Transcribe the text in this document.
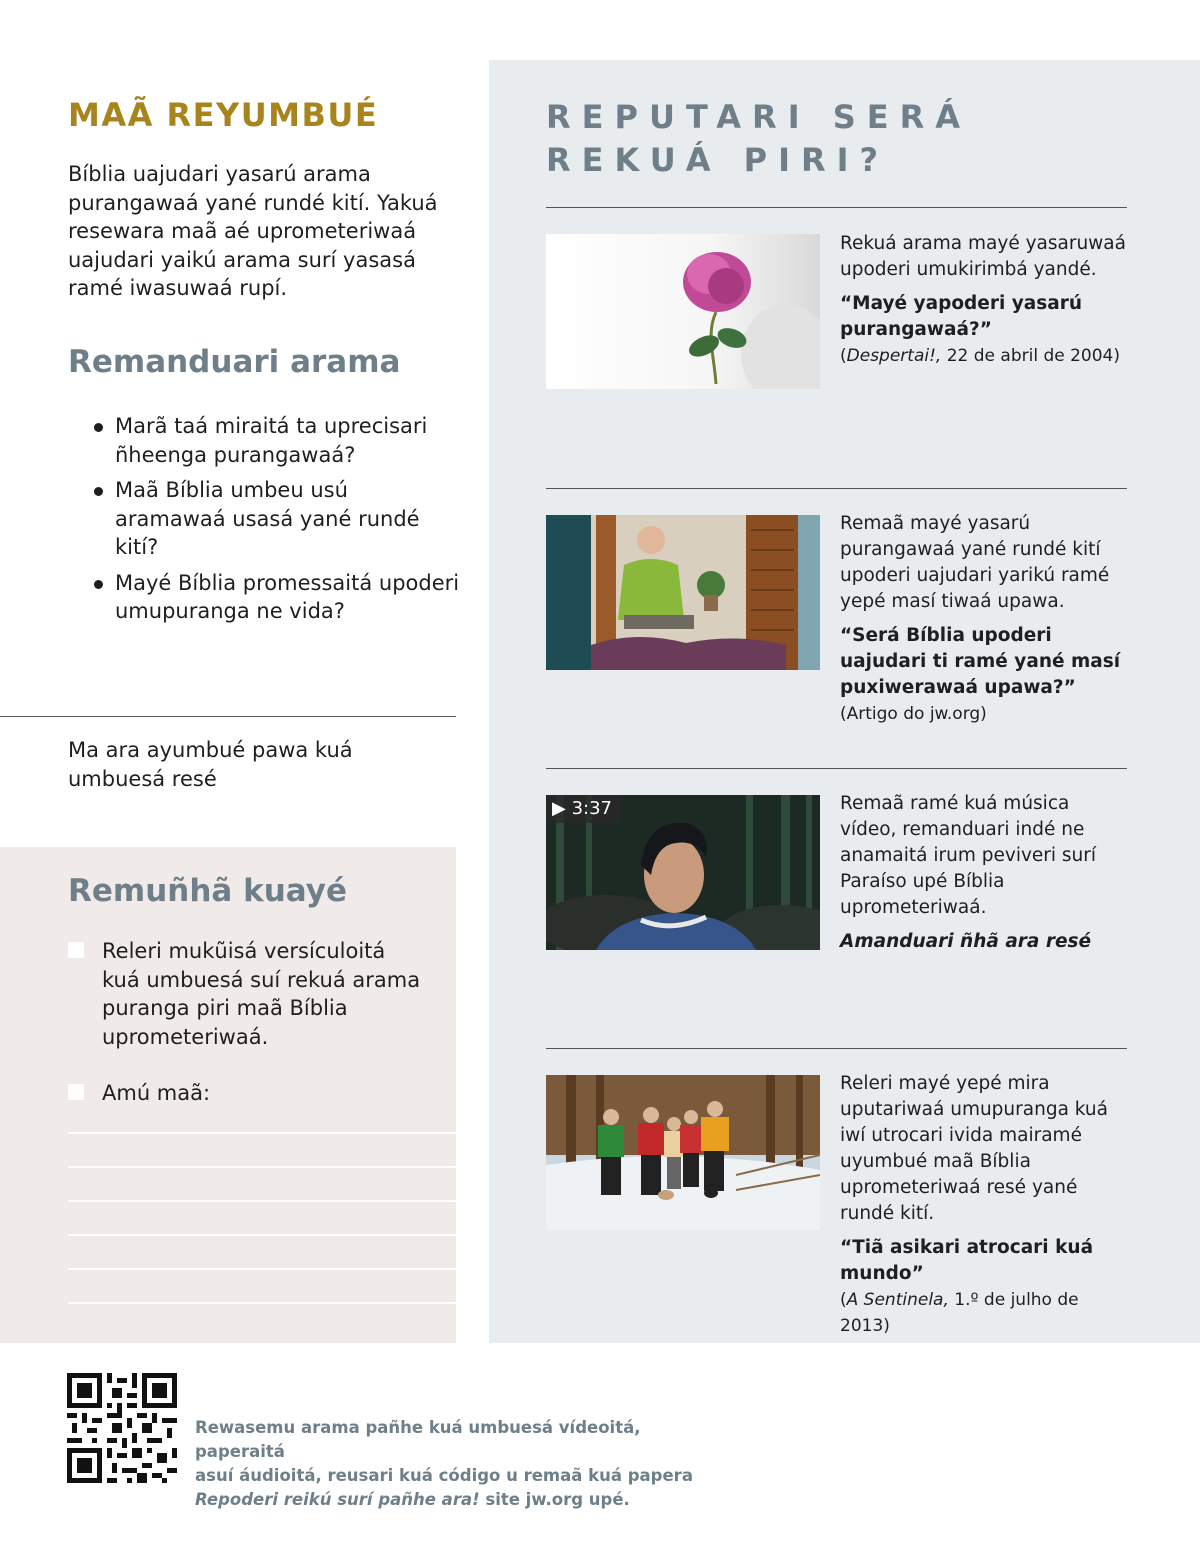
MAÃ REYUMBUÉ

Bíblia uajudari yasarú arama purangawaá yané rundé kití. Yakuá resewara maã aé uprometeriwaá uajudari yaikú arama surí yasasá ramé iwasuwaá rupí.

Remanduari arama
Marã taá miraitá ta uprecisari ñheenga purangawaá?
Maã Bíblia umbeu usú aramawaá usasá yané rundé kití?
Mayé Bíblia promessaitá upoderi umupuranga ne vida?

Ma ara ayumbué pawa kuá umbuesá resé

Remuñhã kuayé

Releri mukũisá versículoitá kuá umbuesá suí rekuá arama puranga piri maã Bíblia uprometeriwaá.

Amú maã:

REPUTARI SERÁ
REKUÁ PIRI?

Rekuá arama mayé yasaruwaá upoderi umukirimbá yandé.

“Mayé yapoderi yasarú purangawaá?”

(Despertai!, 22 de abril de 2004)

Remaã mayé yasarú purangawaá yané rundé kití upoderi uajudari yarikú ramé yepé masí tiwaá upawa.

“Será Bíblia upoderi uajudari ti ramé yané masí puxiwerawaá upawa?”

(Artigo do jw.org)

▶ 3:37	Remaã ramé kuá música vídeo, remanduari indé ne anamaitá irum peviveri surí Paraíso upé Bíblia uprometeriwaá.

Amanduari ñhã ara resé

Releri mayé yepé mira uputariwaá umupuranga kuá iwí utrocari ivida mairamé uyumbué maã Bíblia uprometeriwaá resé yané rundé kití.

“Tiã asikari atrocari kuá mundo”

(A Sentinela, 1.º de julho de 2013)

Rewasemu arama pañhe kuá umbuesá vídeoitá, paperaitá
asuí áudioitá, reusari kuá código u remaã kuá papera
Repoderi reikú surí pañhe ara! site jw.org upé.
